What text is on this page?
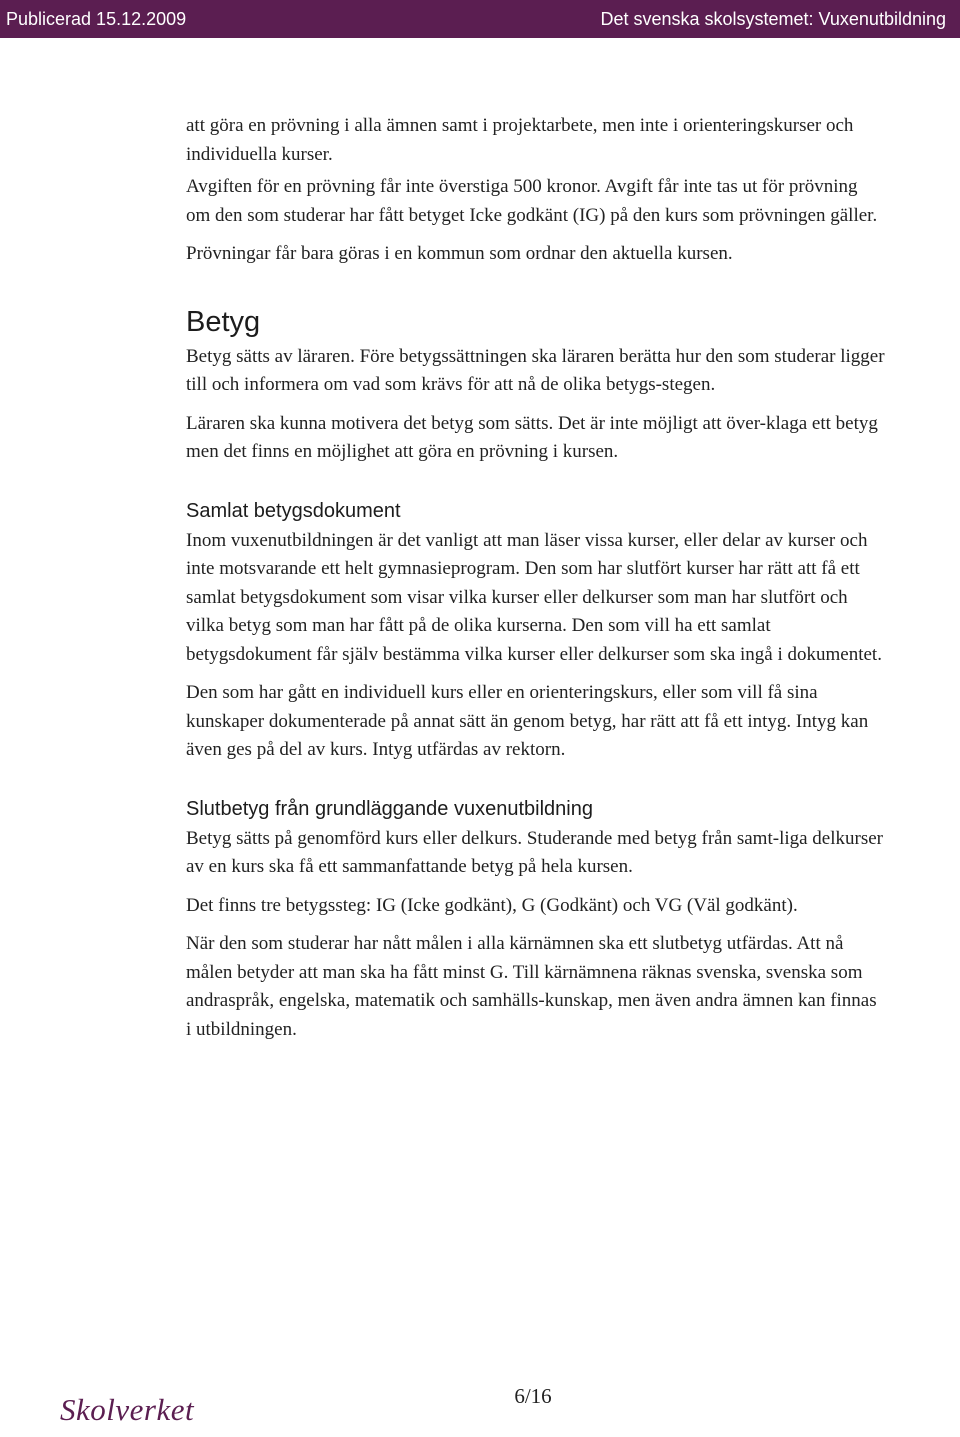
Publicerad 15.12.2009	Det svenska skolsystemet: Vuxenutbildning

att göra en prövning i alla ämnen samt i projektarbete, men inte i orienteringskurser och individuella kurser.

Avgiften för en prövning får inte överstiga 500 kronor. Avgift får inte tas ut för prövning om den som studerar har fått betyget Icke godkänt (IG) på den kurs som prövningen gäller.

Prövningar får bara göras i en kommun som ordnar den aktuella kursen.

Betyg

Betyg sätts av läraren. Före betygssättningen ska läraren berätta hur den som studerar ligger till och informera om vad som krävs för att nå de olika betygs-stegen.

Läraren ska kunna motivera det betyg som sätts. Det är inte möjligt att över-klaga ett betyg men det finns en möjlighet att göra en prövning i kursen.

Samlat betygsdokument

Inom vuxenutbildningen är det vanligt att man läser vissa kurser, eller delar av kurser och inte motsvarande ett helt gymnasieprogram. Den som har slutfört kurser har rätt att få ett samlat betygsdokument som visar vilka kurser eller delkurser som man har slutfört och vilka betyg som man har fått på de olika kurserna. Den som vill ha ett samlat betygsdokument får själv bestämma vilka kurser eller delkurser som ska ingå i dokumentet.

Den som har gått en individuell kurs eller en orienteringskurs, eller som vill få sina kunskaper dokumenterade på annat sätt än genom betyg, har rätt att få ett intyg. Intyg kan även ges på del av kurs. Intyg utfärdas av rektorn.

Slutbetyg från grundläggande vuxenutbildning

Betyg sätts på genomförd kurs eller delkurs. Studerande med betyg från samt-liga delkurser av en kurs ska få ett sammanfattande betyg på hela kursen.

Det finns tre betygssteg: IG (Icke godkänt), G (Godkänt) och VG (Väl godkänt).

När den som studerar har nått målen i alla kärnämnen ska ett slutbetyg utfärdas. Att nå målen betyder att man ska ha fått minst G. Till kärnämnena räknas svenska, svenska som andraspråk, engelska, matematik och samhälls-kunskap, men även andra ämnen kan finnas i utbildningen.

Skolverket	6/16
